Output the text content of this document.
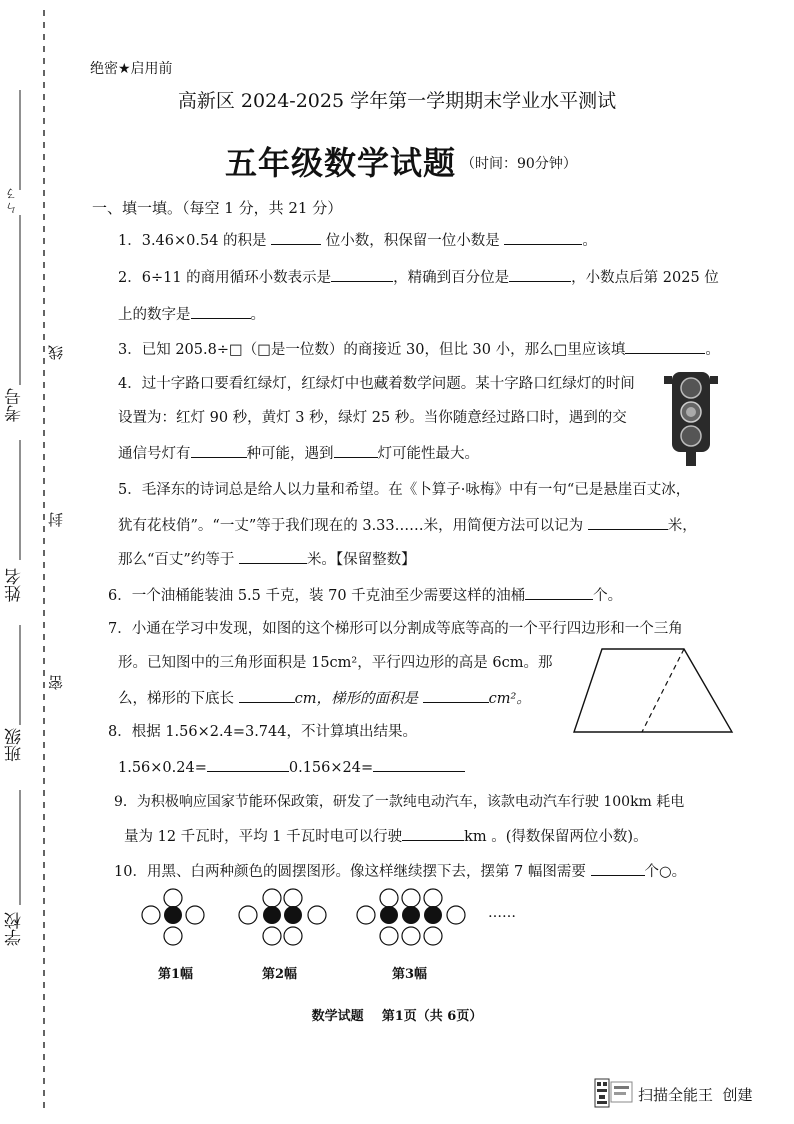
ㄣㄋ
考号
姓名
班级
学校
线
封
密
绝密★启用前
高新区 2024-2025 学年第一学期期末学业水平测试
五年级数学试题 （时间：90分钟）
一、填一填。（每空 1 分，共 21 分）
1．3.46×0.54 的积是	位小数，积保留一位小数是	。
2．6÷11 的商用循环小数表示是	，精确到百分位是	，小数点后第 2025 位
上的数字是	。
3．已知 205.8÷□（□是一位数）的商接近 30，但比 30 小，那么□里应该填	。
4．过十字路口要看红绿灯，红绿灯中也藏着数学问题。某十字路口红绿灯的时间
设置为：红灯 90 秒，黄灯 3 秒，绿灯 25 秒。当你随意经过路口时，遇到的交
通信号灯有	种可能，遇到	灯可能性最大。
5．毛泽东的诗词总是给人以力量和希望。在《卜算子·咏梅》中有一句“已是悬崖百丈冰，
犹有花枝俏”。“一丈”等于我们现在的 3.33……米，用简便方法可以记为	米，
那么“百丈”约等于	米。【保留整数】
6．一个油桶能装油 5.5 千克，装 70 千克油至少需要这样的油桶	个。
7．小通在学习中发现，如图的这个梯形可以分割成等底等高的一个平行四边形和一个三角
形。已知图中的三角形面积是 15cm²，平行四边形的高是 6cm。那
么，梯形的下底长	cm，梯形的面积是	cm²。
8．根据 1.56×2.4=3.744，不计算填出结果。
1.56×0.24=	0.156×24=
9．为积极响应国家节能环保政策，研发了一款纯电动汽车，该款电动汽车行驶 100km 耗电
量为 12 千瓦时，平均 1 千瓦时电可以行驶	km 。(得数保留两位小数)。
10．用黑、白两种颜色的圆摆图形。像这样继续摆下去，摆第 7 幅图需要	个○。
……
第1幅	第2幅	第3幅
数学试题    第1页（共 6页）
扫描全能王  创建
